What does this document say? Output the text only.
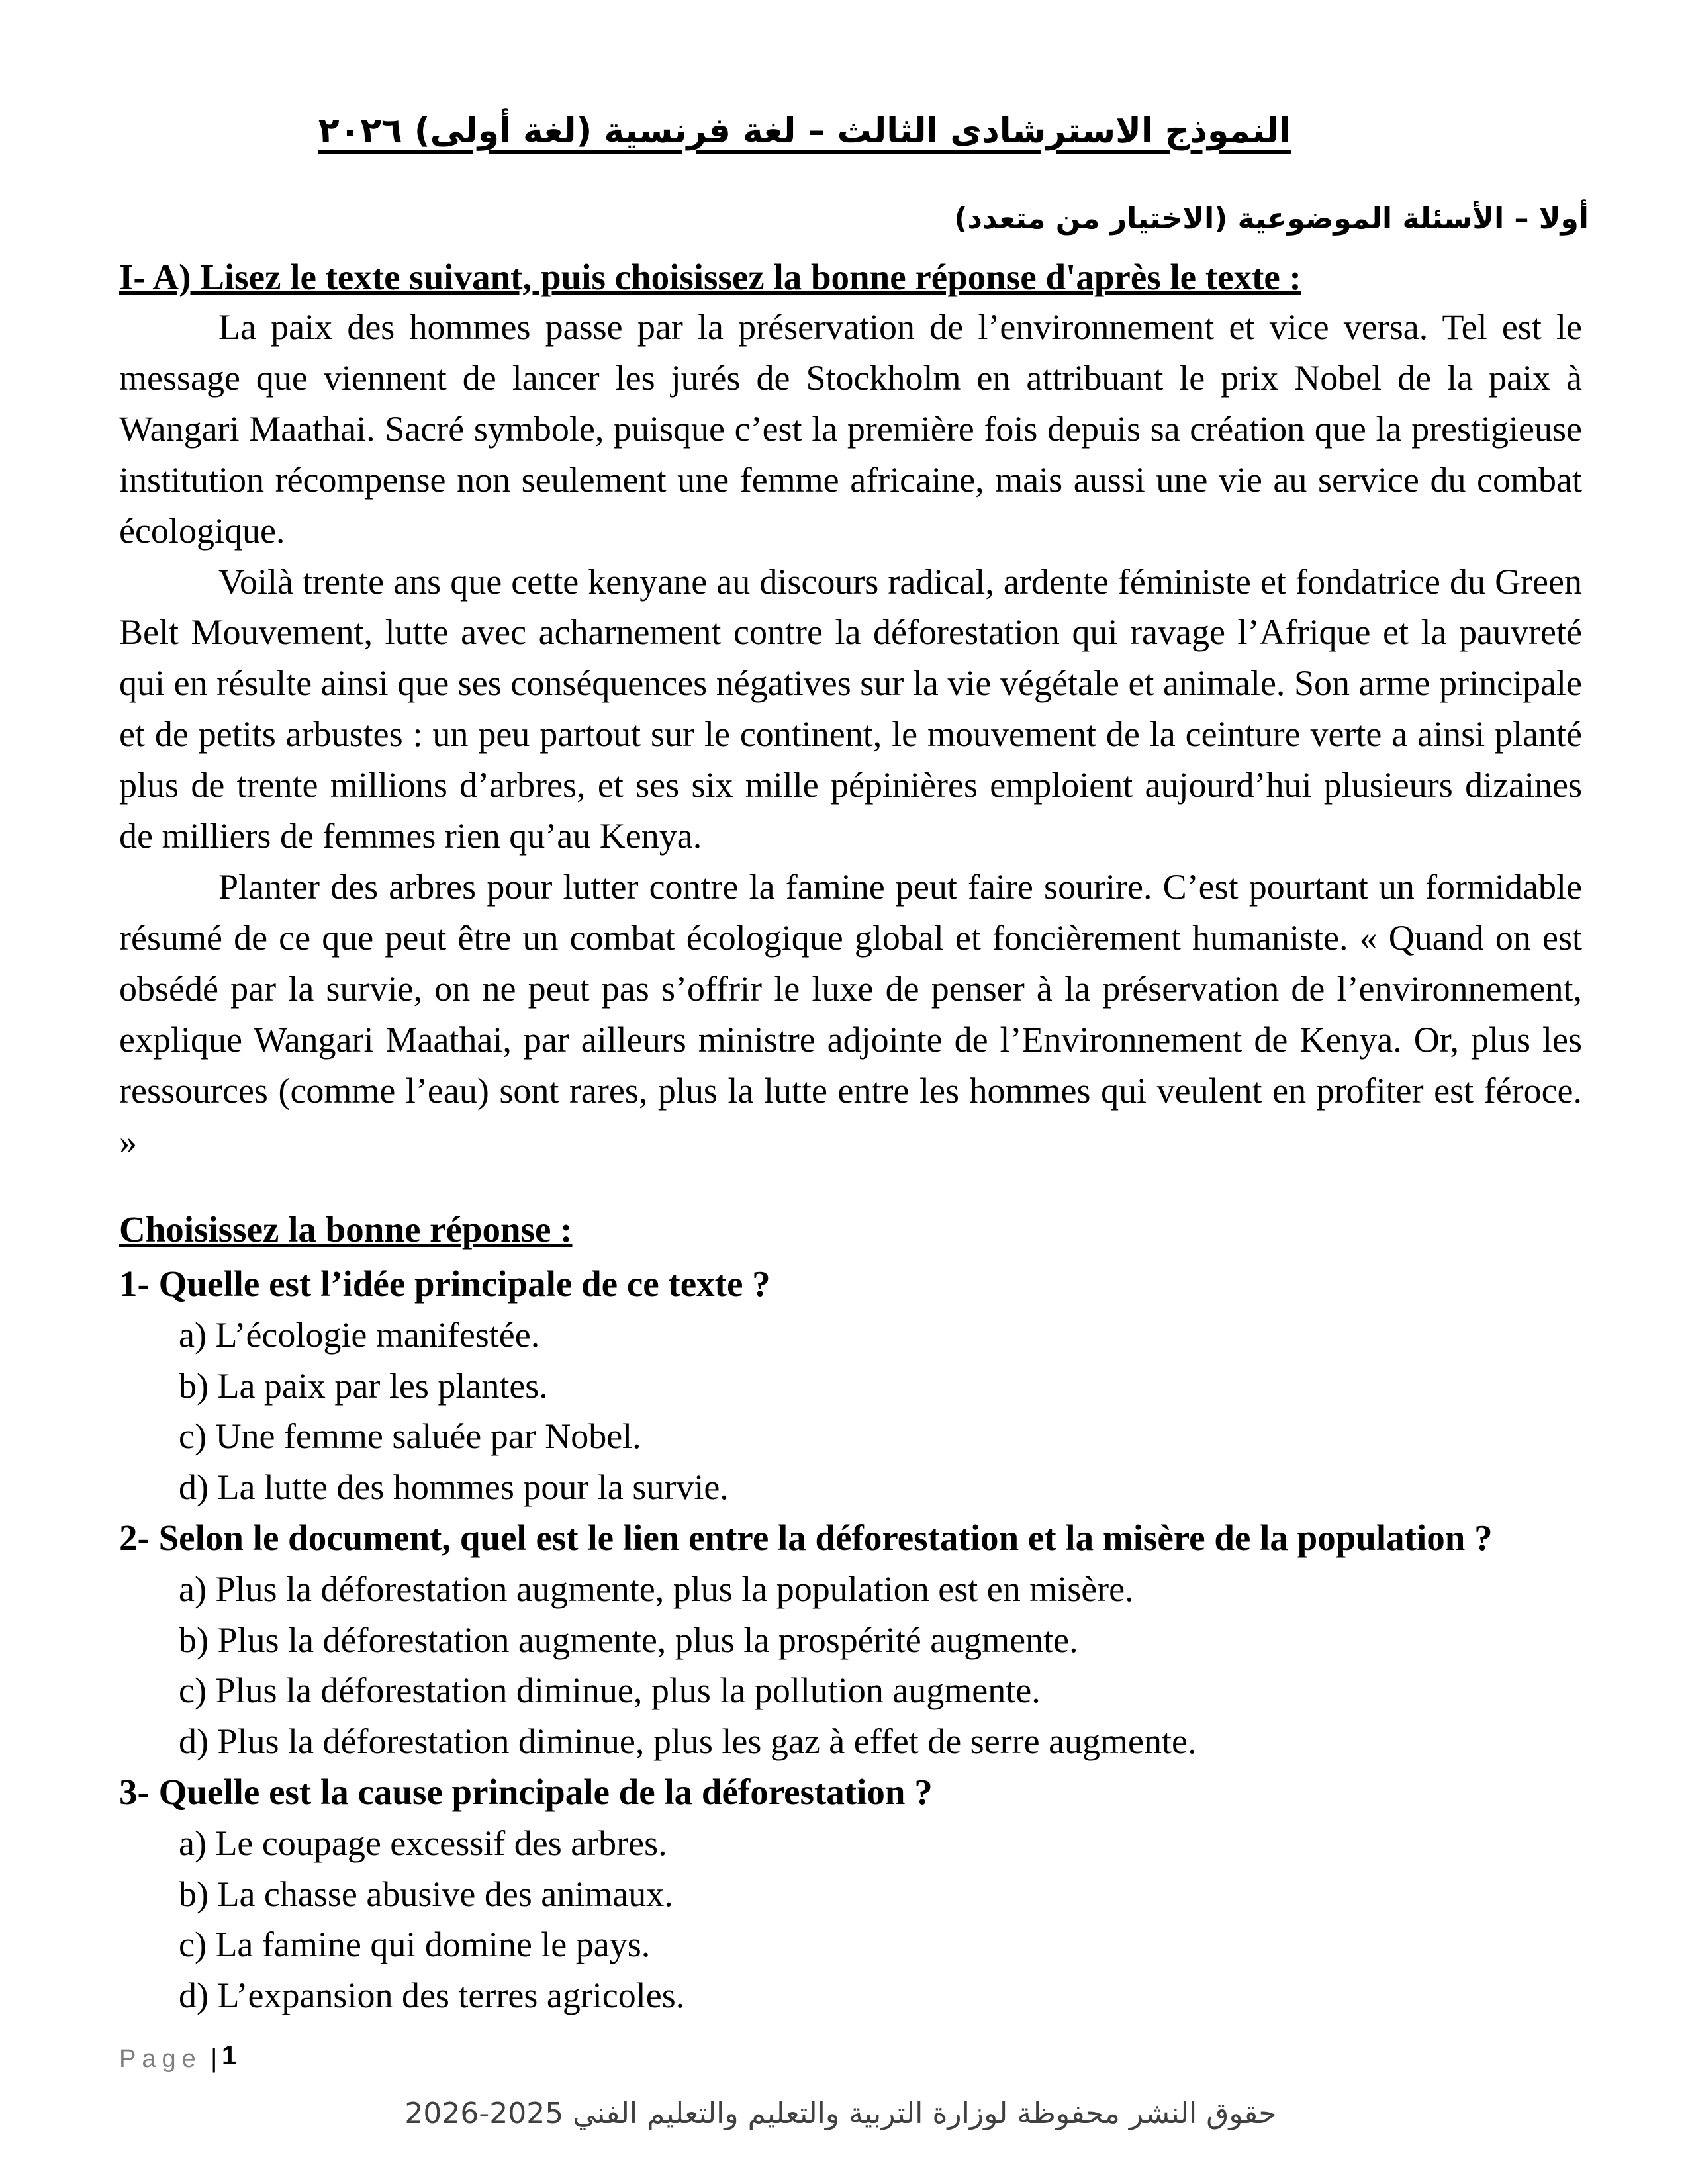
النموذج الاسترشادى الثالث – لغة فرنسية (لغة أولى) ٢٠٢٦
أولا – الأسئلة الموضوعية (الاختيار من متعدد)
I- A) Lisez le texte suivant, puis choisissez la bonne réponse d'après le texte :

La paix des hommes passe par la préservation de l’environnement et vice versa. Tel est le message que viennent de lancer les jurés de Stockholm en attribuant le prix Nobel de la paix à Wangari Maathai. Sacré symbole, puisque c’est la première fois depuis sa création que la prestigieuse institution récompense non seulement une femme africaine, mais aussi une vie au service du combat écologique.

Voilà trente ans que cette kenyane au discours radical, ardente féministe et fondatrice du Green Belt Mouvement, lutte avec acharnement contre la déforestation qui ravage l’Afrique et la pauvreté qui en résulte ainsi que ses conséquences négatives sur la vie végétale et animale. Son arme principale et de petits arbustes : un peu partout sur le continent, le mouvement de la ceinture verte a ainsi planté plus de trente millions d’arbres, et ses six mille pépinières emploient aujourd’hui plusieurs dizaines de milliers de femmes rien qu’au Kenya.

Planter des arbres pour lutter contre la famine peut faire sourire. C’est pourtant un formidable résumé de ce que peut être un combat écologique global et foncièrement humaniste. « Quand on est obsédé par la survie, on ne peut pas s’offrir le luxe de penser à la préservation de l’environnement, explique Wangari Maathai, par ailleurs ministre adjointe de l’Environnement de Kenya. Or, plus les ressources (comme l’eau) sont rares, plus la lutte entre les hommes qui veulent en profiter est féroce. »

Choisissez la bonne réponse :
1- Quelle est l’idée principale de ce texte ?
a) L’écologie manifestée.
b) La paix par les plantes.
c) Une femme saluée par Nobel.
d) La lutte des hommes pour la survie.
2- Selon le document, quel est le lien entre la déforestation et la misère de la population ?
a) Plus la déforestation augmente, plus la population est en misère.
b) Plus la déforestation augmente, plus la prospérité augmente.
c) Plus la déforestation diminue, plus la pollution augmente.
d) Plus la déforestation diminue, plus les gaz à effet de serre augmente.
3- Quelle est la cause principale de la déforestation ?
a) Le coupage excessif des arbres.
b) La chasse abusive des animaux.
c) La famine qui domine le pays.
d) L’expansion des terres agricoles.
Page | 1
حقوق النشر محفوظة لوزارة التربية والتعليم والتعليم الفني 2025-2026
